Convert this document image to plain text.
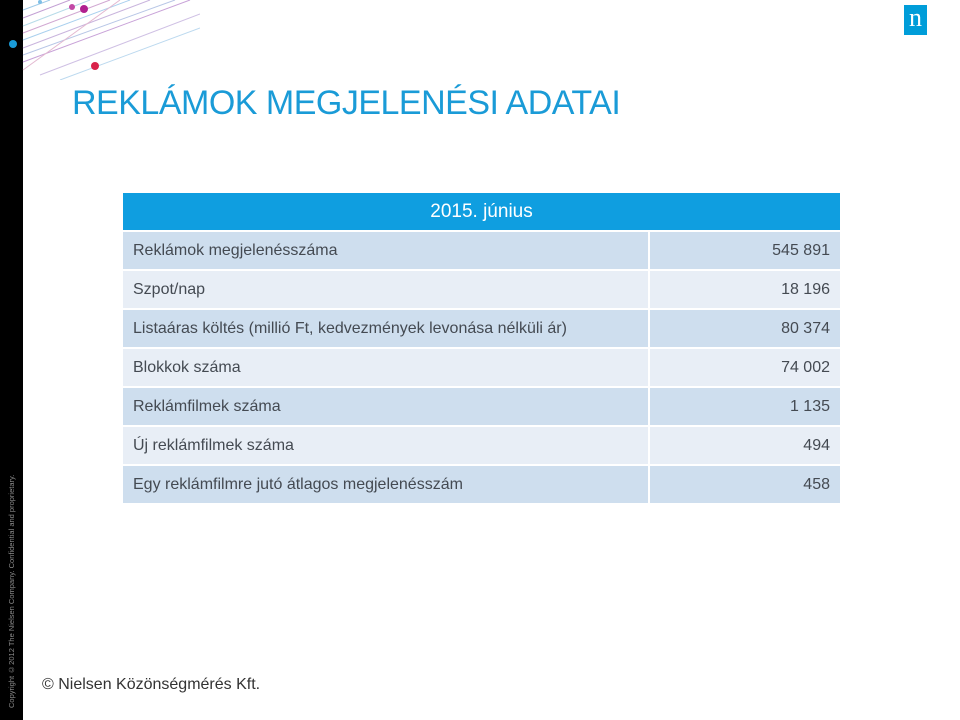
Copyright ©2012 The Nielsen Company. Confidential and proprietary.
n
REKLÁMOK MEGJELENÉSI ADATAI
2015. június	
Reklámok megjelenésszáma	545 891
Szpot/nap	18 196
Listaáras költés (millió Ft, kedvezmények levonása nélküli ár)	80 374
Blokkok száma	74 002
Reklámfilmek száma	1 135
Új reklámfilmek száma	494
Egy reklámfilmre jutó átlagos megjelenésszám	458
© Nielsen Közönségmérés Kft.
